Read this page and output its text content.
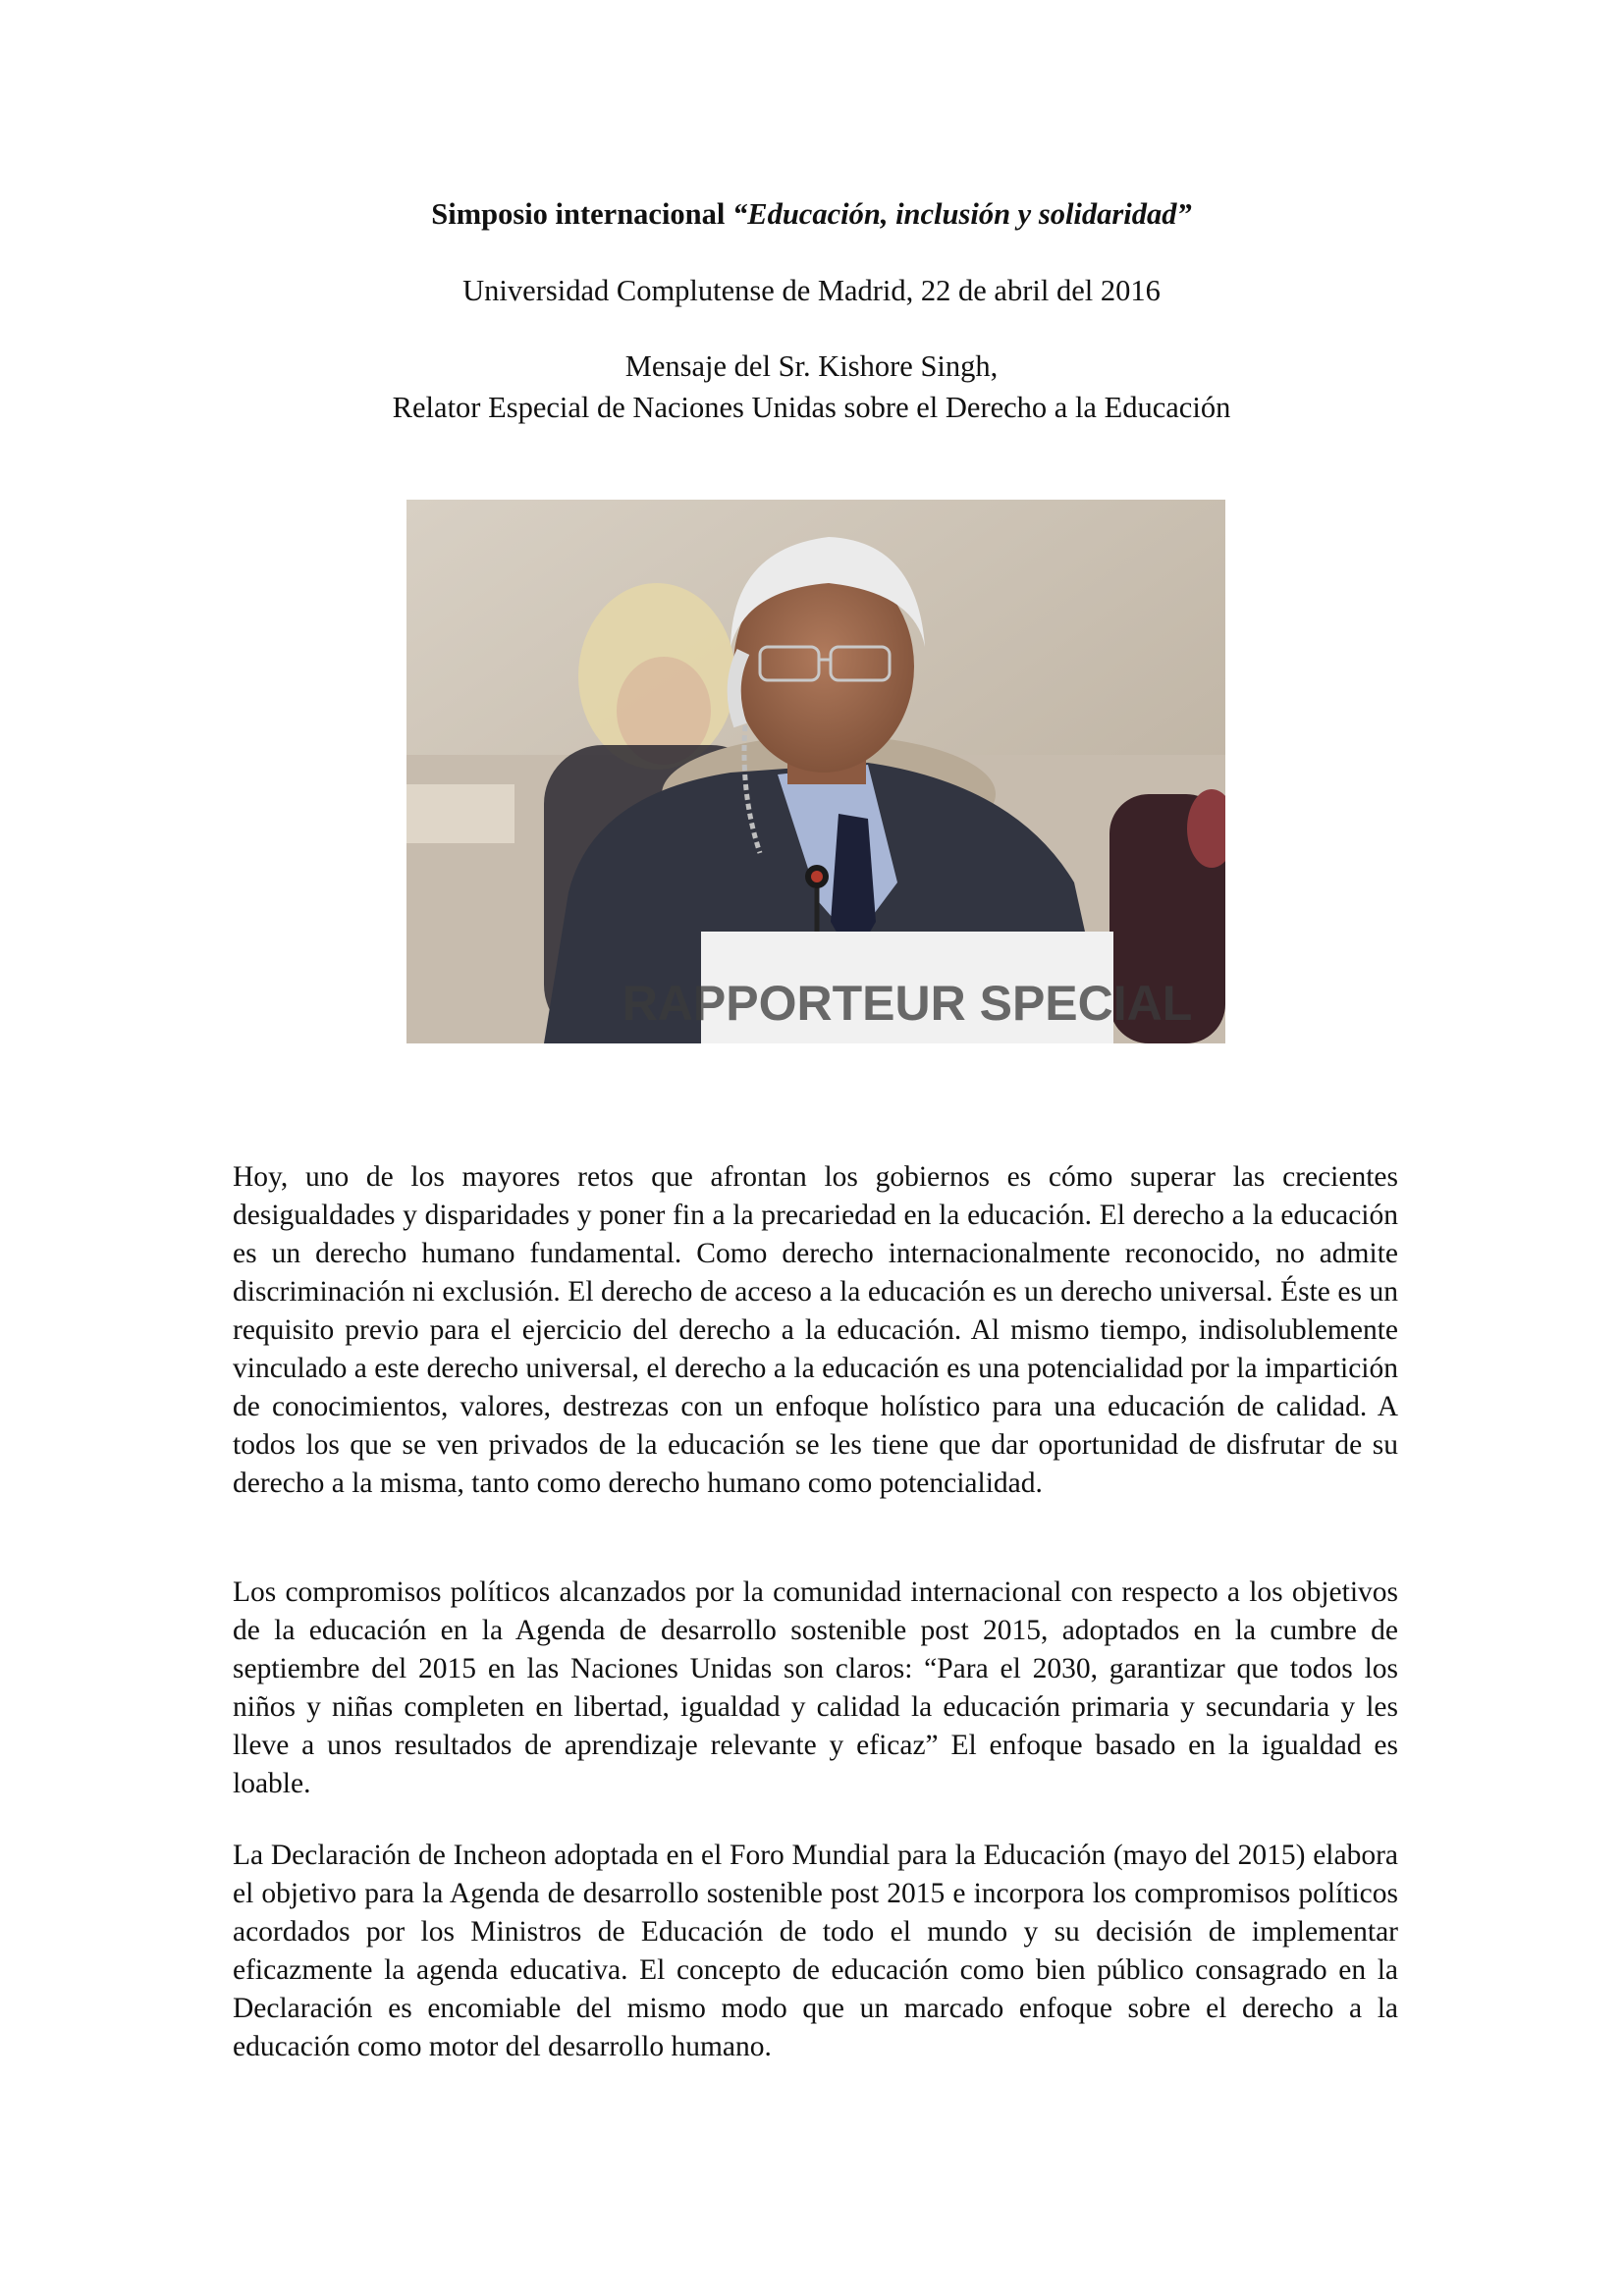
Simposio internacional “Educación, inclusión y solidaridad”
Universidad Complutense de Madrid, 22 de abril del 2016
Mensaje del Sr. Kishore Singh,
Relator Especial de Naciones Unidas sobre el Derecho a la Educación
RAPPORTEUR SPECIAL
Hoy, uno de los mayores retos que afrontan los gobiernos es cómo superar las crecientes desigualdades y disparidades y poner fin a la precariedad en la educación. El derecho a la educación es un derecho humano fundamental. Como derecho internacionalmente reconocido, no admite discriminación ni exclusión. El derecho de acceso a la educación es un derecho universal. Éste es un requisito previo para el ejercicio del derecho a la educación. Al mismo tiempo, indisolublemente vinculado a este derecho universal, el derecho a la educación es una potencialidad por la impartición de conocimientos, valores, destrezas con un enfoque holístico para una educación de calidad. A todos los que se ven privados de la educación se les tiene que dar oportunidad de disfrutar de su derecho a la misma, tanto como derecho humano como potencialidad.
Los compromisos políticos alcanzados por la comunidad internacional con respecto a los objetivos de la educación en la Agenda de desarrollo sostenible post 2015, adoptados en la cumbre de septiembre del 2015 en las Naciones Unidas son claros: “Para el 2030, garantizar que todos los niños y niñas completen en libertad, igualdad y calidad la educación primaria y secundaria y les lleve a unos resultados de aprendizaje relevante y eficaz” El enfoque basado en la igualdad es loable.
La Declaración de Incheon adoptada en el Foro Mundial para la Educación (mayo del 2015) elabora el objetivo para la Agenda de desarrollo sostenible post 2015 e incorpora los compromisos políticos acordados por los Ministros de Educación de todo el mundo y su decisión de implementar eficazmente la agenda educativa. El concepto de educación como bien público consagrado en la Declaración es encomiable del mismo modo que un marcado enfoque sobre el derecho a la educación como motor del desarrollo humano.
